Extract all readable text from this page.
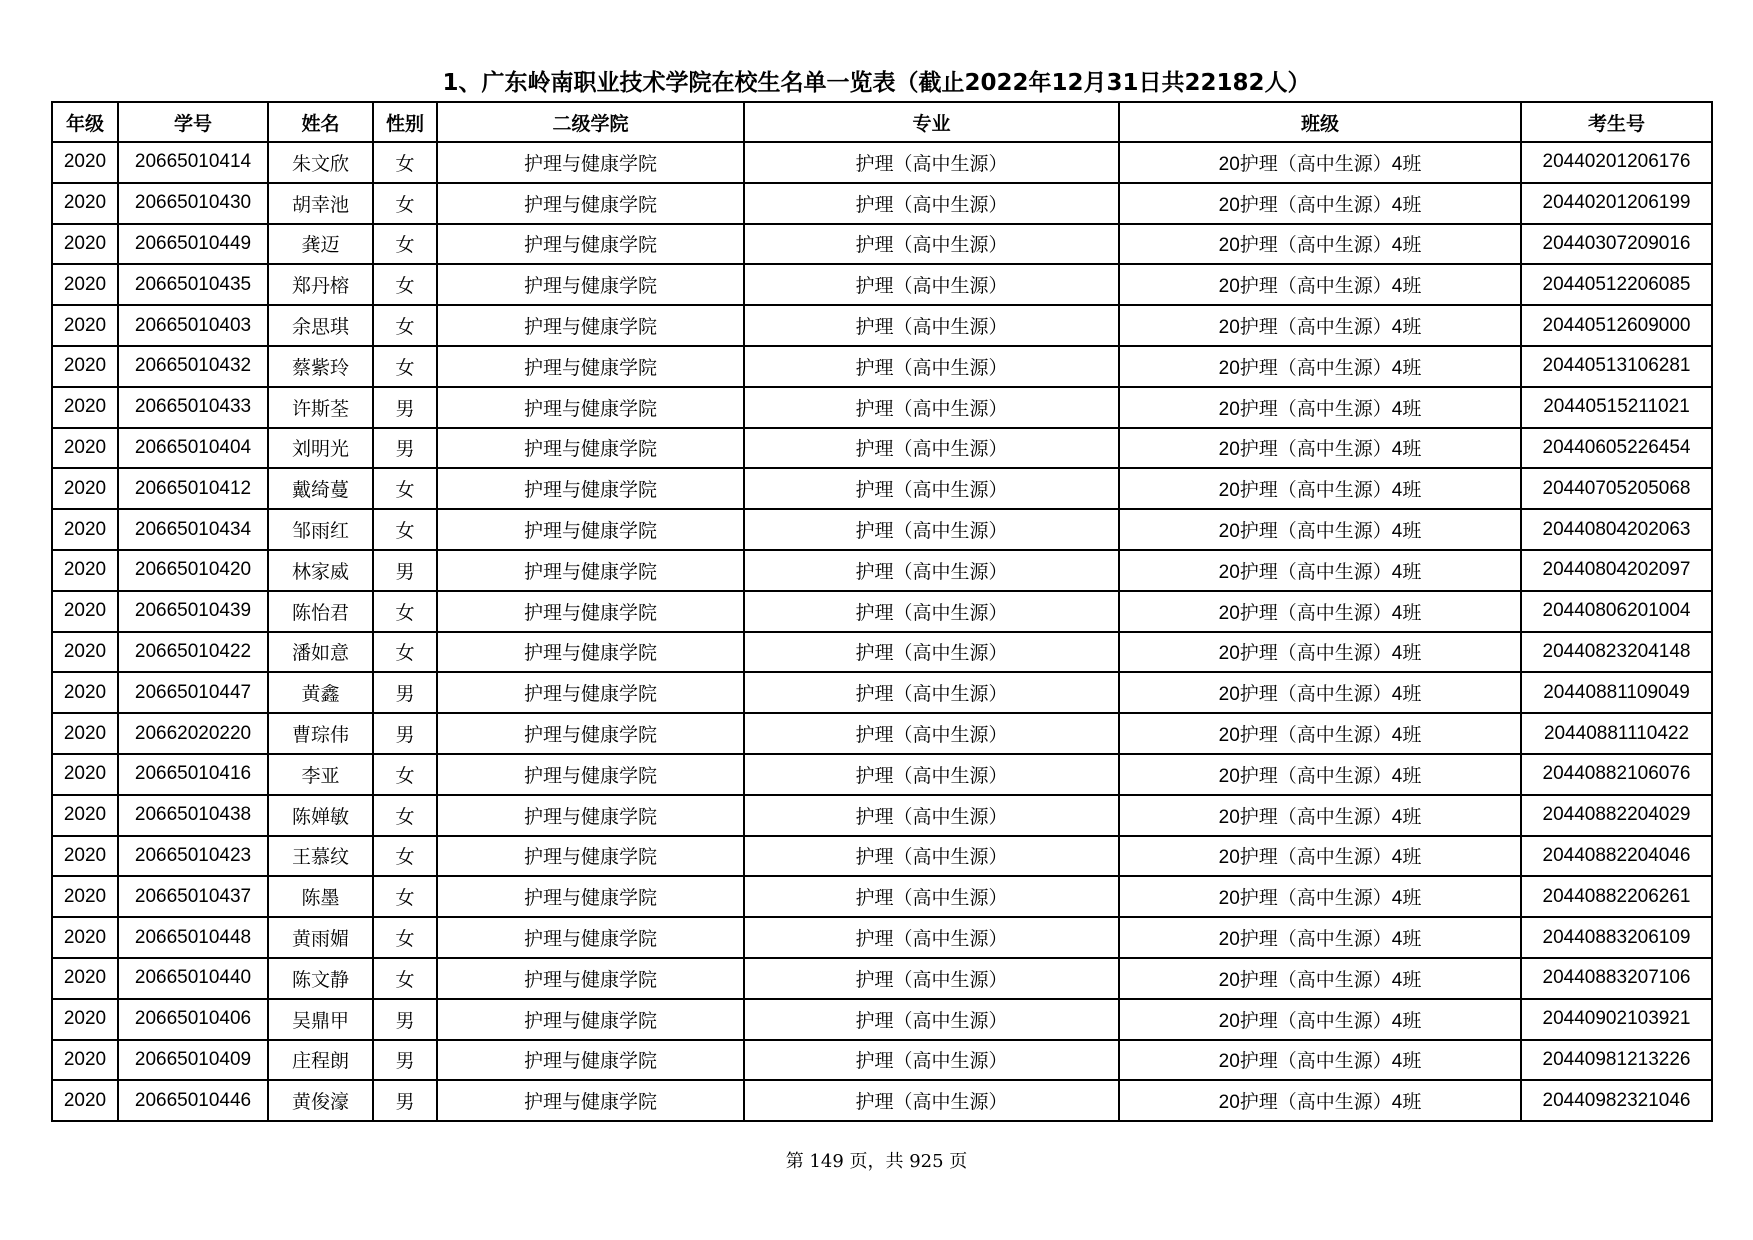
1、广东岭南职业技术学院在校生名单一览表（截止2022年12月31日共22182人）
年级	学号	姓名	性别	二级学院	专业	班级	考生号
2020	20665010414	朱文欣	女	护理与健康学院	护理（高中生源）	20护理（高中生源）4班	20440201206176
2020	20665010430	胡幸池	女	护理与健康学院	护理（高中生源）	20护理（高中生源）4班	20440201206199
2020	20665010449	龚迈	女	护理与健康学院	护理（高中生源）	20护理（高中生源）4班	20440307209016
2020	20665010435	郑丹榕	女	护理与健康学院	护理（高中生源）	20护理（高中生源）4班	20440512206085
2020	20665010403	余思琪	女	护理与健康学院	护理（高中生源）	20护理（高中生源）4班	20440512609000
2020	20665010432	蔡紫玲	女	护理与健康学院	护理（高中生源）	20护理（高中生源）4班	20440513106281
2020	20665010433	许斯荃	男	护理与健康学院	护理（高中生源）	20护理（高中生源）4班	20440515211021
2020	20665010404	刘明光	男	护理与健康学院	护理（高中生源）	20护理（高中生源）4班	20440605226454
2020	20665010412	戴绮蔓	女	护理与健康学院	护理（高中生源）	20护理（高中生源）4班	20440705205068
2020	20665010434	邹雨红	女	护理与健康学院	护理（高中生源）	20护理（高中生源）4班	20440804202063
2020	20665010420	林家威	男	护理与健康学院	护理（高中生源）	20护理（高中生源）4班	20440804202097
2020	20665010439	陈怡君	女	护理与健康学院	护理（高中生源）	20护理（高中生源）4班	20440806201004
2020	20665010422	潘如意	女	护理与健康学院	护理（高中生源）	20护理（高中生源）4班	20440823204148
2020	20665010447	黄鑫	男	护理与健康学院	护理（高中生源）	20护理（高中生源）4班	20440881109049
2020	20662020220	曹琮伟	男	护理与健康学院	护理（高中生源）	20护理（高中生源）4班	20440881110422
2020	20665010416	李亚	女	护理与健康学院	护理（高中生源）	20护理（高中生源）4班	20440882106076
2020	20665010438	陈婵敏	女	护理与健康学院	护理（高中生源）	20护理（高中生源）4班	20440882204029
2020	20665010423	王慕纹	女	护理与健康学院	护理（高中生源）	20护理（高中生源）4班	20440882204046
2020	20665010437	陈墨	女	护理与健康学院	护理（高中生源）	20护理（高中生源）4班	20440882206261
2020	20665010448	黄雨媚	女	护理与健康学院	护理（高中生源）	20护理（高中生源）4班	20440883206109
2020	20665010440	陈文静	女	护理与健康学院	护理（高中生源）	20护理（高中生源）4班	20440883207106
2020	20665010406	吴鼎甲	男	护理与健康学院	护理（高中生源）	20护理（高中生源）4班	20440902103921
2020	20665010409	庄程朗	男	护理与健康学院	护理（高中生源）	20护理（高中生源）4班	20440981213226
2020	20665010446	黄俊濠	男	护理与健康学院	护理（高中生源）	20护理（高中生源）4班	20440982321046
第 149 页，共 925 页
